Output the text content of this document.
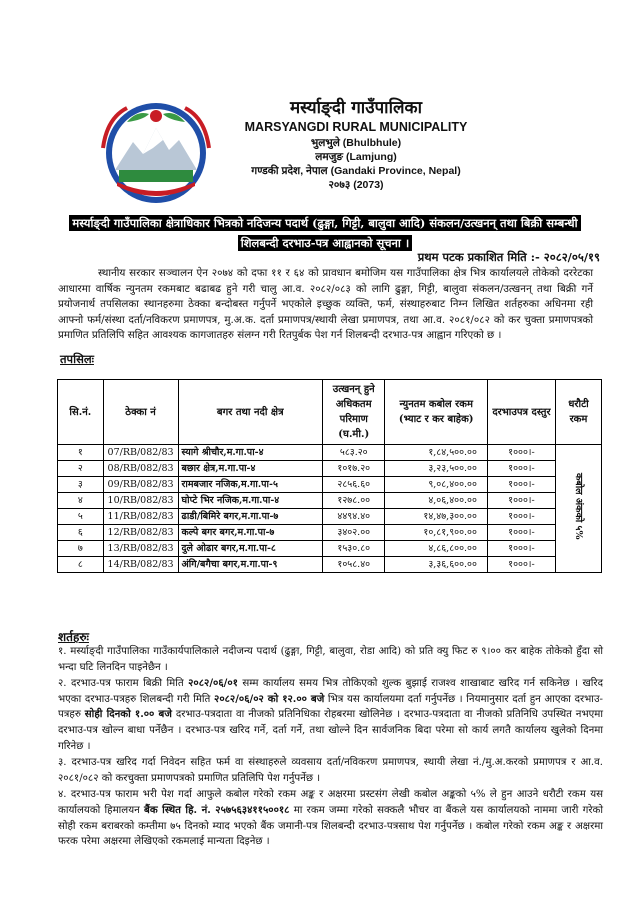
मर्स्याङ्दी गाउँपालिका
MARSYANGDI RURAL MUNICIPALITY
भुलभुले (Bhulbhule)
लमजुङ (Lamjung)
गण्डकी प्रदेश, नेपाल (Gandaki Province, Nepal)
२०७३ (2073)
मर्स्याङ्दी गाउँपालिका क्षेत्राधिकार भित्रको नदिजन्य पदार्थ (ढुङ्गा, गिट्टी, बालुवा आदि) संकलन/उत्खनन् तथा बिक्री सम्बन्धी शिलबन्दी दरभाउ-पत्र आह्वानको सूचना ।
प्रथम पटक प्रकाशित मिति :- २०८२/०५/१९
स्थानीय सरकार सञ्चालन ऐन २०७४ को दफा ११ र ६४ को प्रावधान बमोजिम यस गाउँपालिका क्षेत्र भित्र कार्यालयले तोकेको दररेटका आधारमा वार्षिक न्युनतम रकमबाट बढाबढ हुने गरी चालु आ.व. २०८२/०८३ को लागि ढुङ्गा, गिट्टी, बालुवा संकलन/उत्खनन् तथा बिक्री गर्ने प्रयोजनार्थ तपसिलका स्थानहरुमा ठेक्का बन्दोबस्त गर्नुपर्ने भएकोले इच्छुक व्यक्ति, फर्म, संस्थाहरुबाट निम्न लिखित शर्तहरुका अधिनमा रही आफ्नो फर्म/संस्था दर्ता/नविकरण प्रमाणपत्र, मु.अ.क. दर्ता प्रमाणपत्र/स्थायी लेखा प्रमाणपत्र, तथा आ.व. २०८१/०८२ को कर चुक्ता प्रमाणपत्रको प्रमाणित प्रतिलिपि सहित आवश्यक कागजातहरु संलग्न गरी रितपुर्बक पेश गर्न शिलबन्दी दरभाउ-पत्र आह्वान गरिएको छ ।
तपसिलः
सि.नं.	ठेक्का नं	बगर तथा नदी क्षेत्र	उत्खनन् हुने अधिकतम परिमाण (घ.मी.)	न्युनतम कबोल रकम (भ्याट र कर बाहेक)	दरभाउपत्र दस्तुर	धरौटी रकम
१	07/RB/082/83	स्यागे श्रीचौर,म.गा.पा-४	५८३.२०	१,८४,५००.००	१०००।-	कबोल अंकको ५%
२	08/RB/082/83	बछार क्षेत्र,म.गा.पा-४	१०१७.२०	३,२३,५००.००	१०००।-	
३	09/RB/082/83	रामबजार नजिक,म.गा.पा-५	२८५६.६०	९,०८,४००.००	१०००।-	
४	10/RB/082/83	घोप्टे भिर नजिक,म.गा.पा-४	१२७८.००	४,०६,४००.००	१०००।-	
५	11/RB/082/83	ढाडी/बिमिरे बगर,म.गा.पा-७	४४९४.४०	१४,४७,३००.००	१०००।-	
६	12/RB/082/83	कल्पे बगर बगर,म.गा.पा-७	३४०२.००	१०,८१,९००.००	१०००।-	
७	13/RB/082/83	दुले ओढार बगर,म.गा.पा-८	१५३०.८०	४,८६,८००.००	१०००।-	
८	14/RB/082/83	अंगि/बगैचा बगर,म.गा.पा-९	१०५८.४०	३,३६,६००.००	१०००।-	
शर्तहरुः

१. मर्स्याङ्दी गाउँपालिका गाउँकार्यपालिकाले नदीजन्य पदार्थ (ढुङ्गा, गिट्टी, बालुवा, रोडा आदि) को प्रति क्यु फिट रु ९।०० कर बाहेक तोकेको हुँदा सो भन्दा घटि लिनदिन पाइनेछैन ।

२. दरभाउ-पत्र फाराम बिक्री मिति २०८२/०६/०१ सम्म कार्यालय समय भित्र तोकिएको शुल्क बुझाई राजश्व शाखाबाट खरिद गर्न सकिनेछ । खरिद भएका दरभाउ-पत्रहरु शिलबन्दी गरी मिति २०८२/०६/०२ को १२.०० बजे भित्र यस कार्यालयमा दर्ता गर्नुपर्नेछ । नियमानुसार दर्ता हुन आएका दरभाउ-पत्रहरु सोही दिनको १.०० बजे दरभाउ-पत्रदाता वा नीजको प्रतिनिधिका रोहबरमा खोलिनेछ । दरभाउ-पत्रदाता वा नीजको प्रतिनिधि उपस्थित नभएमा दरभाउ-पत्र खोल्न बाधा पर्नेछैन । दरभाउ-पत्र खरिद गर्ने, दर्ता गर्ने, तथा खोल्ने दिन सार्वजनिक बिदा परेमा सो कार्य लगतै कार्यालय खुलेको दिनमा गरिनेछ ।

३. दरभाउ-पत्र खरिद गर्दा निवेदन सहित फर्म वा संस्थाहरुले व्यवसाय दर्ता/नविकरण प्रमाणपत्र, स्थायी लेखा नं./मु.अ.करको प्रमाणपत्र र आ.व. २०८१/०८२ को करचुक्ता प्रमाणपत्रको प्रमाणित प्रतिलिपि पेश गर्नुपर्नेछ ।

४. दरभाउ-पत्र फाराम भरी पेश गर्दा आफुले कबोल गरेको रकम अङ्क र अक्षरमा प्रस्टसंग लेखी कबोल अङ्कको ५% ले हुन आउने धरौटी रकम यस कार्यालयको हिमालयन बैंक स्थित हि. नं. २५७५६३४११५००१८ मा रकम जम्मा गरेको सक्कलै भौचर वा बैंकले यस कार्यालयको नाममा जारी गरेको सोही रकम बराबरको कम्तीमा ७५ दिनको म्याद भएको बैंक जमानी-पत्र शिलबन्दी दरभाउ-पत्रसाथ पेश गर्नुपर्नेछ । कबोल गरेको रकम अङ्क र अक्षरमा फरक परेमा अक्षरमा लेखिएको रकमलाई मान्यता दिइनेछ ।
